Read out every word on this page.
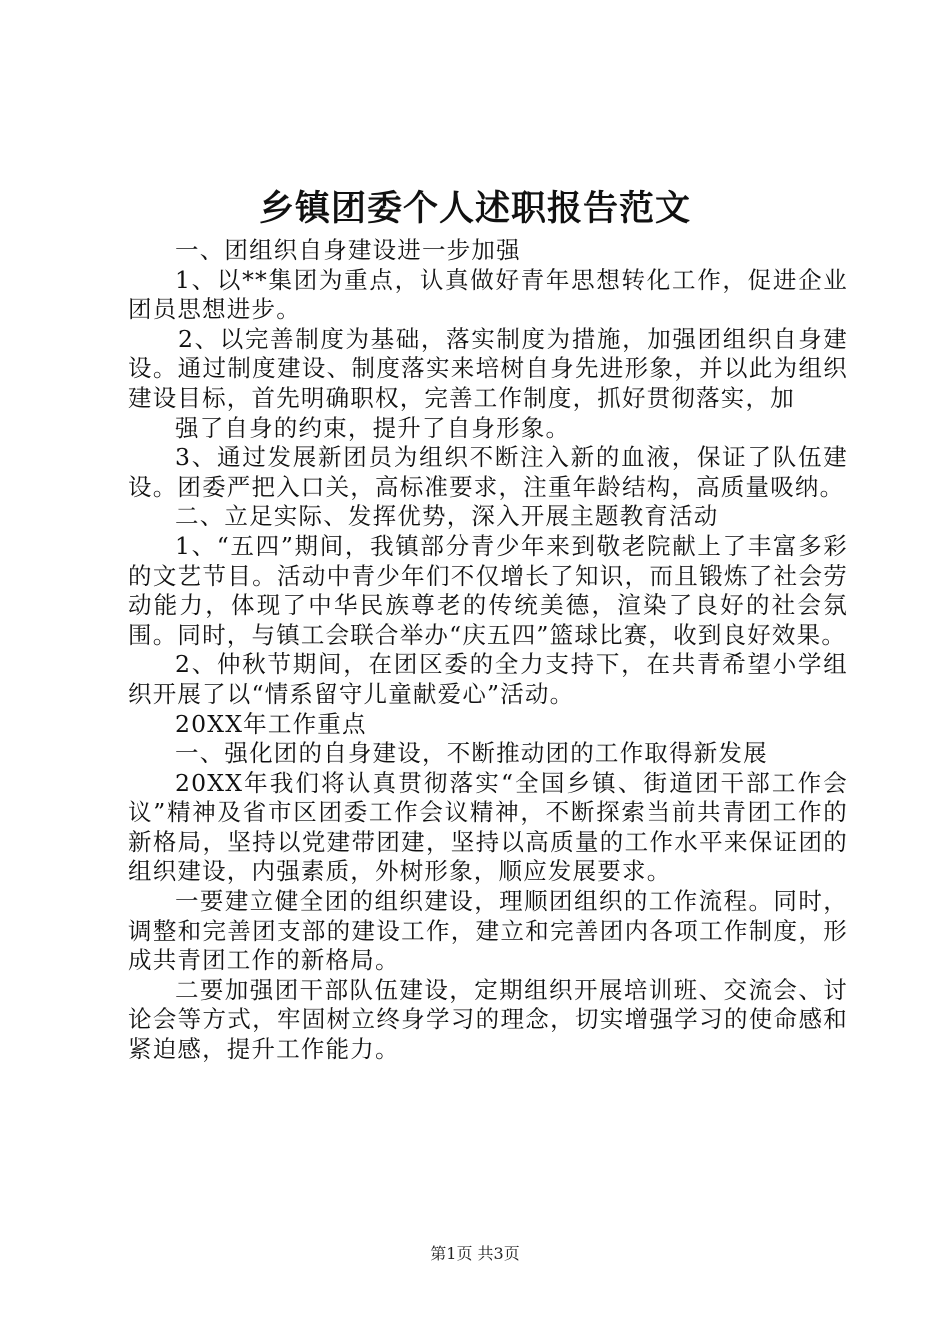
乡镇团委个人述职报告范文

一、团组织自身建设进一步加强

1、以**集团为重点，认真做好青年思想转化工作，促进企业团员思想进步。

2、以完善制度为基础，落实制度为措施，加强团组织自身建设。通过制度建设、制度落实来培树自身先进形象，并以此为组织建设目标，首先明确职权，完善工作制度，抓好贯彻落实，加

强了自身的约束，提升了自身形象。

3、通过发展新团员为组织不断注入新的血液，保证了队伍建设。团委严把入口关，高标准要求，注重年龄结构，高质量吸纳。

二、立足实际、发挥优势，深入开展主题教育活动

1、“五四”期间，我镇部分青少年来到敬老院献上了丰富多彩的文艺节目。活动中青少年们不仅增长了知识，而且锻炼了社会劳动能力，体现了中华民族尊老的传统美德，渲染了良好的社会氛围。同时，与镇工会联合举办“庆五四”篮球比赛，收到良好效果。

2、仲秋节期间，在团区委的全力支持下，在共青希望小学组织开展了以“情系留守儿童献爱心”活动。

20XX年工作重点

一、强化团的自身建设，不断推动团的工作取得新发展

20XX年我们将认真贯彻落实“全国乡镇、街道团干部工作会议”精神及省市区团委工作会议精神，不断探索当前共青团工作的新格局，坚持以党建带团建，坚持以高质量的工作水平来保证团的组织建设，内强素质，外树形象，顺应发展要求。

一要建立健全团的组织建设，理顺团组织的工作流程。同时，调整和完善团支部的建设工作，建立和完善团内各项工作制度，形成共青团工作的新格局。

二要加强团干部队伍建设，定期组织开展培训班、交流会、讨论会等方式，牢固树立终身学习的理念，切实增强学习的使命感和紧迫感，提升工作能力。

第1页 共3页
